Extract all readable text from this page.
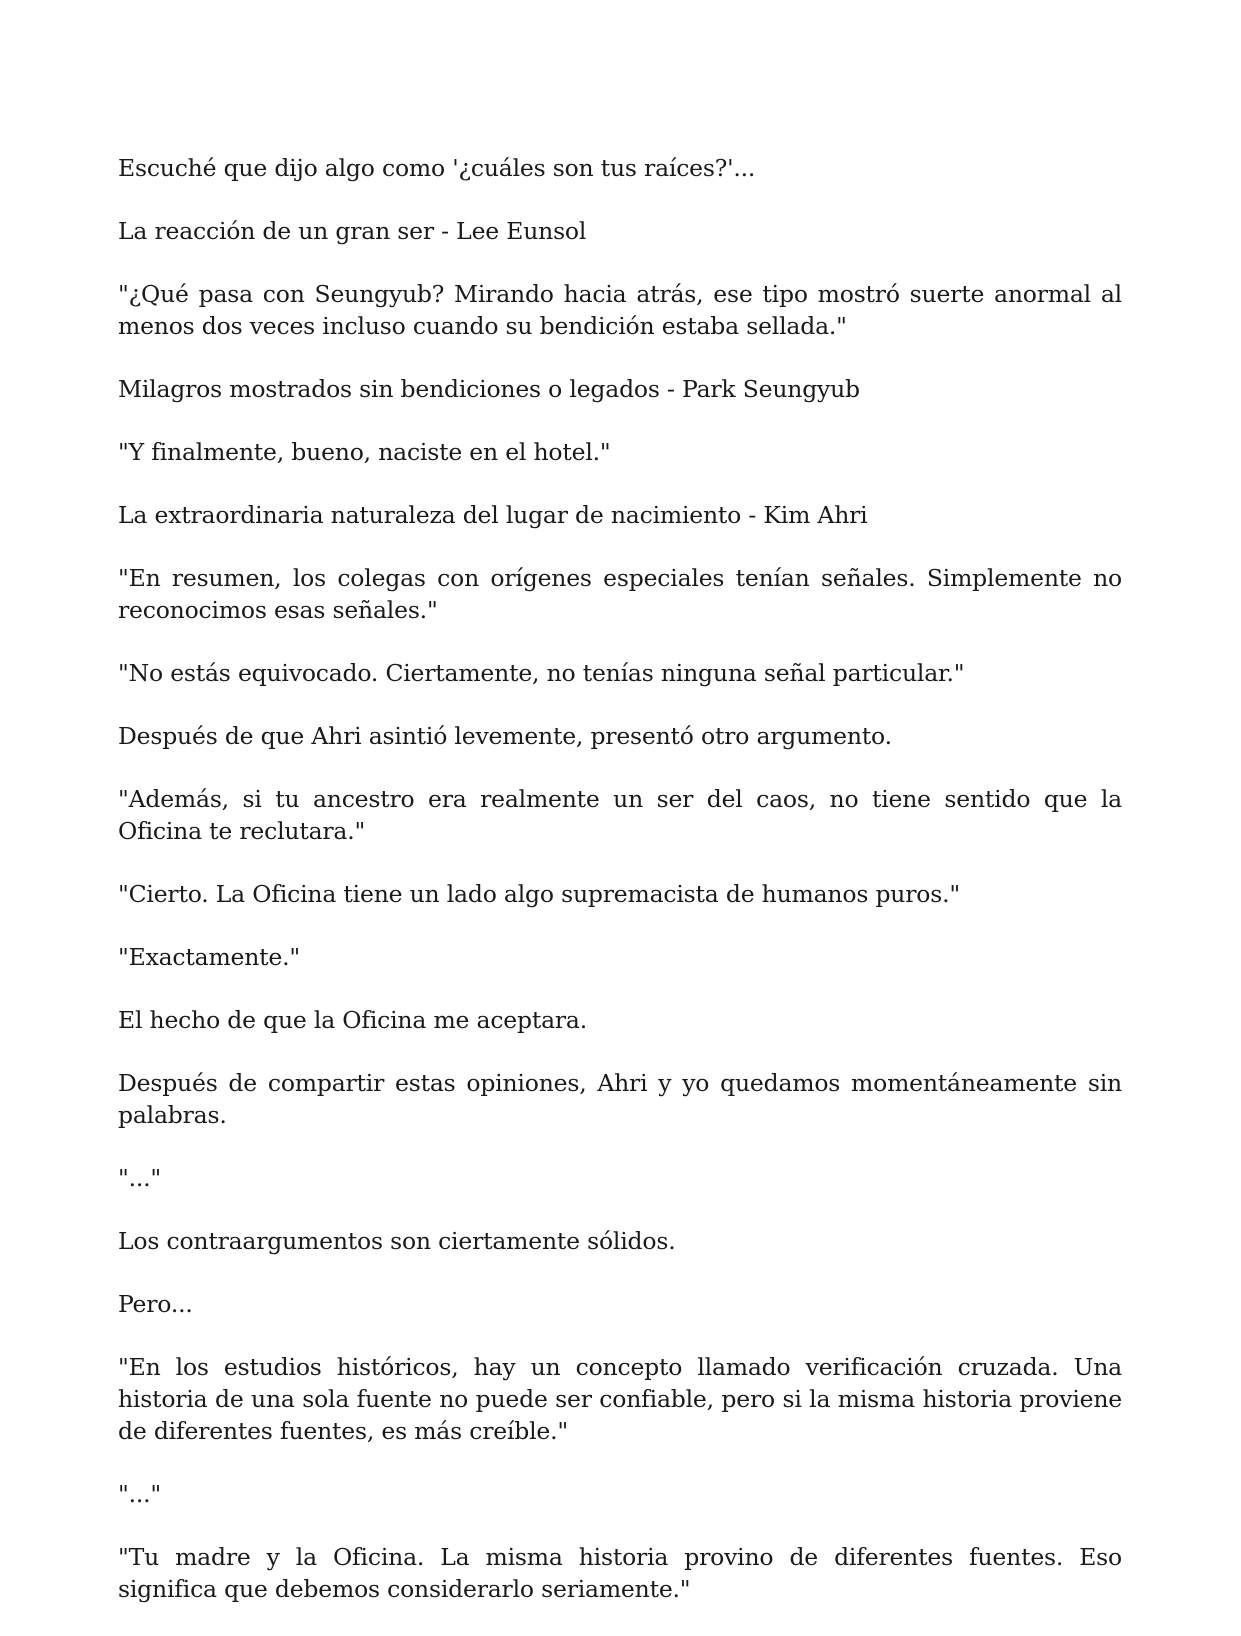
Escuché que dijo algo como '¿cuáles son tus raíces?'...

La reacción de un gran ser - Lee Eunsol

"¿Qué pasa con Seungyub? Mirando hacia atrás, ese tipo mostró suerte anormal al menos dos veces incluso cuando su bendición estaba sellada."

Milagros mostrados sin bendiciones o legados - Park Seungyub

"Y finalmente, bueno, naciste en el hotel."

La extraordinaria naturaleza del lugar de nacimiento - Kim Ahri

"En resumen, los colegas con orígenes especiales tenían señales. Simplemente no reconocimos esas señales."

"No estás equivocado. Ciertamente, no tenías ninguna señal particular."

Después de que Ahri asintió levemente, presentó otro argumento.

"Además, si tu ancestro era realmente un ser del caos, no tiene sentido que la Oficina te reclutara."

"Cierto. La Oficina tiene un lado algo supremacista de humanos puros."

"Exactamente."

El hecho de que la Oficina me aceptara.

Después de compartir estas opiniones, Ahri y yo quedamos momentáneamente sin palabras.

"..."

Los contraargumentos son ciertamente sólidos.

Pero...

"En los estudios históricos, hay un concepto llamado verificación cruzada. Una historia de una sola fuente no puede ser confiable, pero si la misma historia proviene de diferentes fuentes, es más creíble."

"..."

"Tu madre y la Oficina. La misma historia provino de diferentes fuentes. Eso significa que debemos considerarlo seriamente."
